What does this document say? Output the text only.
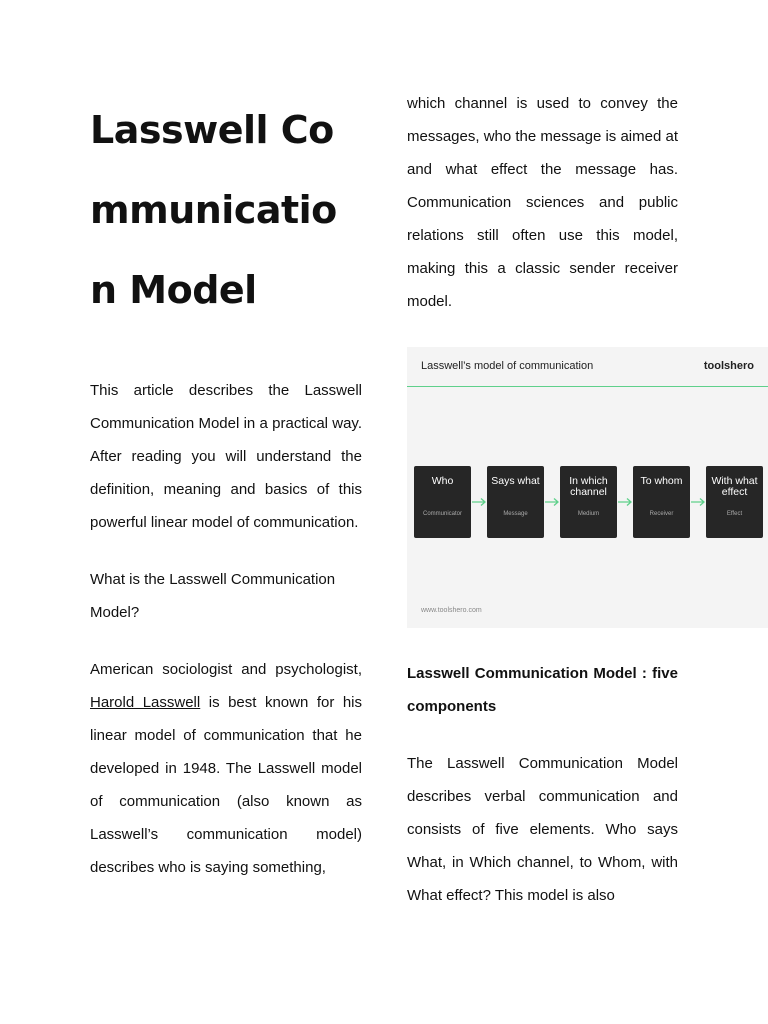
Lasswell Communication Model

This article describes the Lasswell Communication Model in a practical way. After reading you will understand the definition, meaning and basics of this powerful linear model of communication.

What is the Lasswell Communication Model?

American sociologist and psychologist, Harold Lasswell is best known for his linear model of communication that he developed in 1948. The Lasswell model of communication (also known as Lasswell’s communication model) describes who is saying something,

which channel is used to convey the messages, who the message is aimed at and what effect the message has. Communication sciences and public relations still often use this model, making this a classic sender receiver model.

Lasswell’s model of communication	toolshero
Who
Communicator
Says what
Message
In which channel
Medium
To whom
Receiver
With what effect
Effect
www.toolshero.com

Lasswell Communication Model : five components

The Lasswell Communication Model describes verbal communication and consists of five elements. Who says What, in Which channel, to Whom, with What effect? This model is also
